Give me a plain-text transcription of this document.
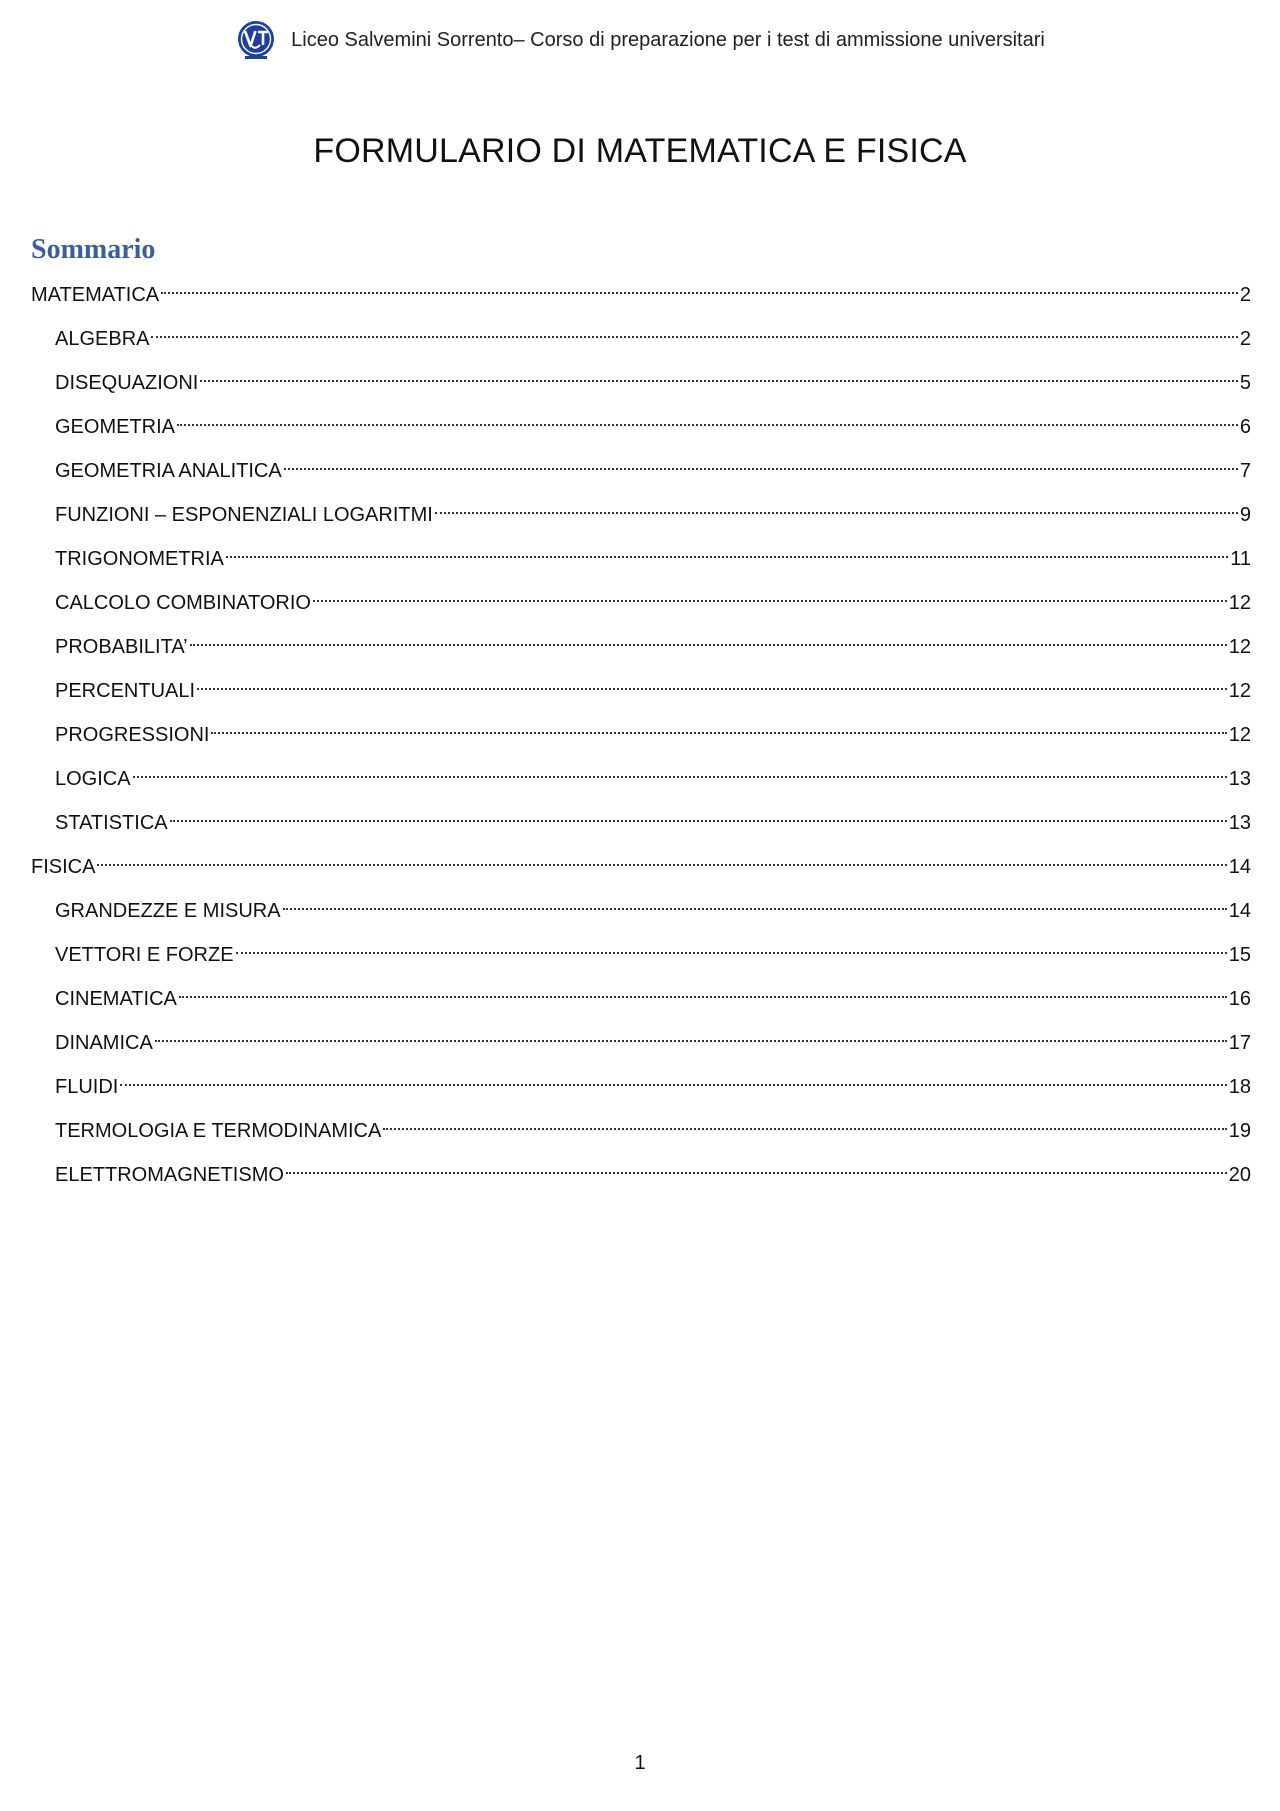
Liceo Salvemini Sorrento– Corso di preparazione per i test di ammissione universitari
FORMULARIO DI MATEMATICA E FISICA
Sommario
MATEMATICA	2
ALGEBRA	2
DISEQUAZIONI	5
GEOMETRIA	6
GEOMETRIA ANALITICA	7
FUNZIONI – ESPONENZIALI LOGARITMI	9
TRIGONOMETRIA	11
CALCOLO COMBINATORIO	12
PROBABILITA’	12
PERCENTUALI	12
PROGRESSIONI	12
LOGICA	13
STATISTICA	13
FISICA	14
GRANDEZZE E MISURA	14
VETTORI E FORZE	15
CINEMATICA	16
DINAMICA	17
FLUIDI	18
TERMOLOGIA E TERMODINAMICA	19
ELETTROMAGNETISMO	20
1
